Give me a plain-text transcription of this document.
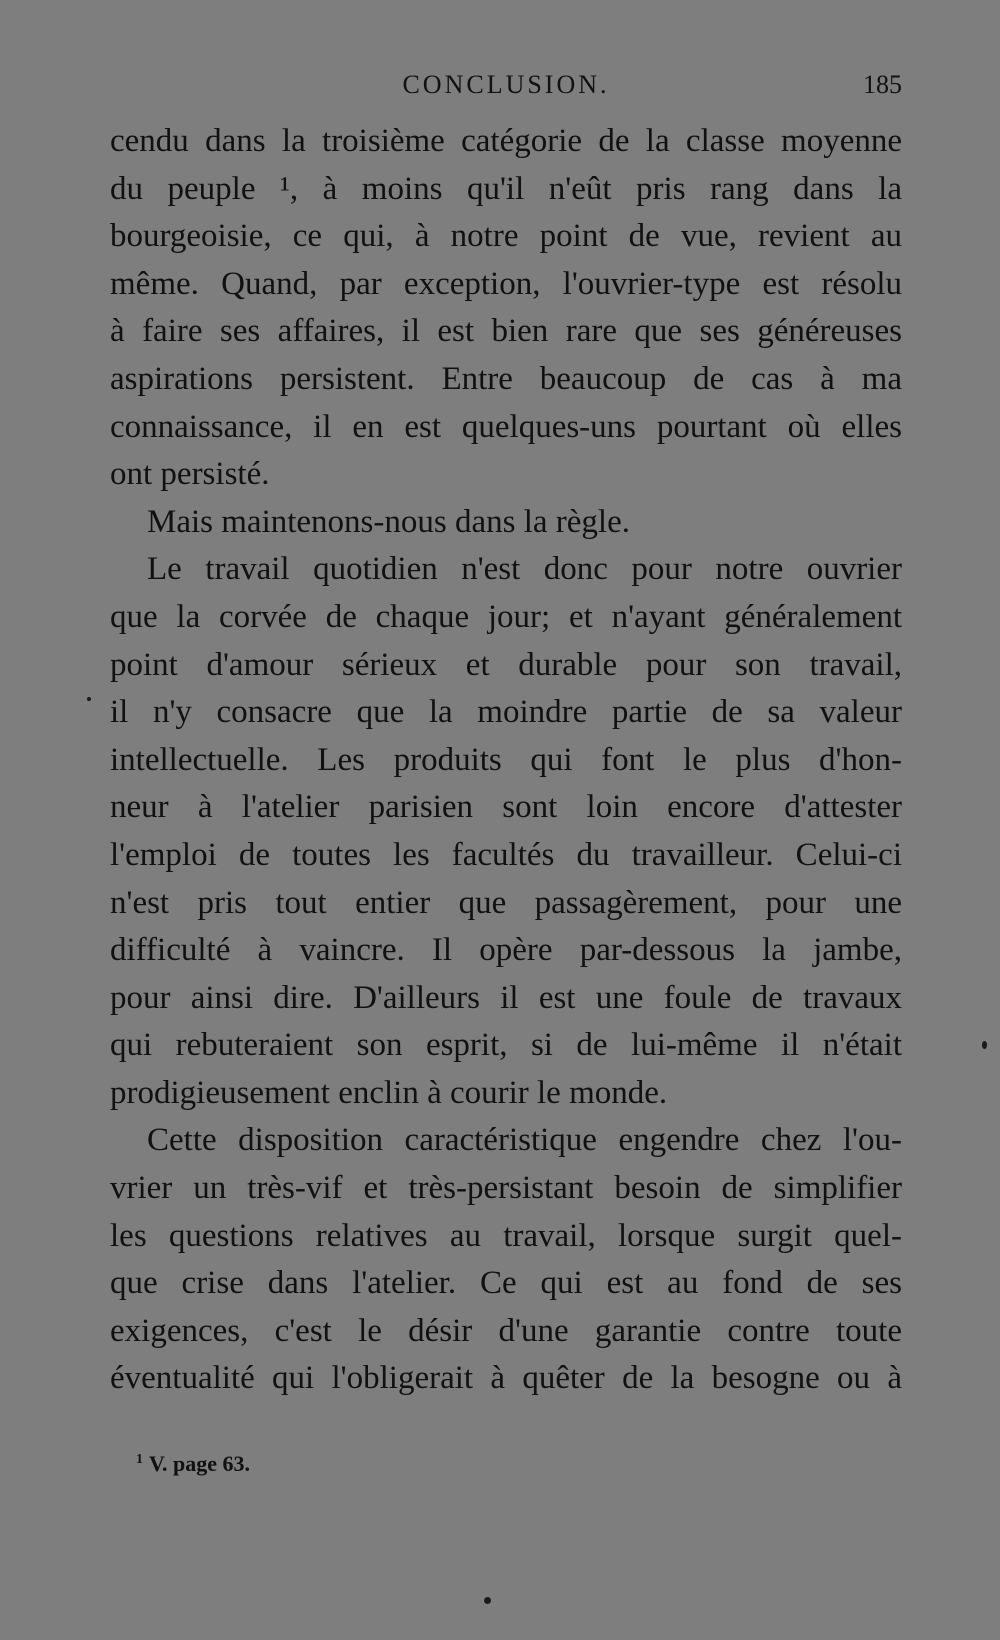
CONCLUSION.	185
cendu dans la troisième catégorie de la classe moyenne
du peuple ¹, à moins qu'il n'eût pris rang dans la
bourgeoisie, ce qui, à notre point de vue, revient au
même. Quand, par exception, l'ouvrier-type est résolu
à faire ses affaires, il est bien rare que ses généreuses
aspirations persistent. Entre beaucoup de cas à ma
connaissance, il en est quelques-uns pourtant où elles
ont persisté.
Mais maintenons-nous dans la règle.
Le travail quotidien n'est donc pour notre ouvrier
que la corvée de chaque jour; et n'ayant généralement
point d'amour sérieux et durable pour son travail,
il n'y consacre que la moindre partie de sa valeur
intellectuelle. Les produits qui font le plus d'hon-
neur à l'atelier parisien sont loin encore d'attester
l'emploi de toutes les facultés du travailleur. Celui-ci
n'est pris tout entier que passagèrement, pour une
difficulté à vaincre. Il opère par-dessous la jambe,
pour ainsi dire. D'ailleurs il est une foule de travaux
qui rebuteraient son esprit, si de lui-même il n'était
prodigieusement enclin à courir le monde.
Cette disposition caractéristique engendre chez l'ou-
vrier un très-vif et très-persistant besoin de simplifier
les questions relatives au travail, lorsque surgit quel-
que crise dans l'atelier. Ce qui est au fond de ses
exigences, c'est le désir d'une garantie contre toute
éventualité qui l'obligerait à quêter de la besogne ou à
$^1$ V. page 63.
